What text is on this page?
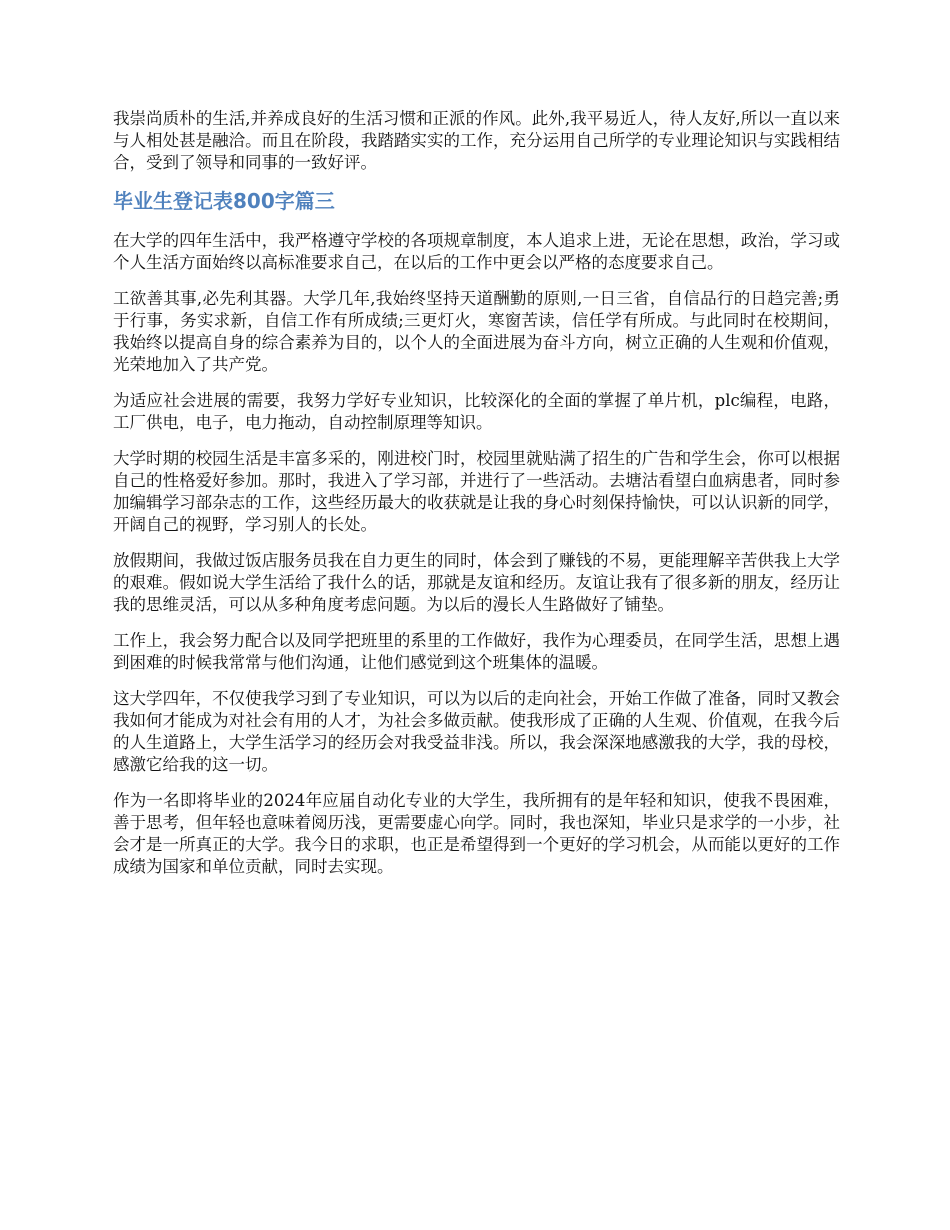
我崇尚质朴的生活,并养成良好的生活习惯和正派的作风。此外,我平易近人，待人友好,所以一直以来与人相处甚是融洽。而且在阶段，我踏踏实实的工作，充分运用自己所学的专业理论知识与实践相结合，受到了领导和同事的一致好评。

毕业生登记表800字篇三

在大学的四年生活中，我严格遵守学校的各项规章制度，本人追求上进，无论在思想，政治，学习或个人生活方面始终以高标准要求自己，在以后的工作中更会以严格的态度要求自己。

工欲善其事,必先利其器。大学几年,我始终坚持天道酬勤的原则,一日三省，自信品行的日趋完善;勇于行事，务实求新，自信工作有所成绩;三更灯火，寒窗苦读，信任学有所成。与此同时在校期间，我始终以提高自身的综合素养为目的，以个人的全面进展为奋斗方向，树立正确的人生观和价值观，光荣地加入了共产党。

为适应社会进展的需要，我努力学好专业知识，比较深化的全面的掌握了单片机，plc编程，电路，工厂供电，电子，电力拖动，自动控制原理等知识。

大学时期的校园生活是丰富多采的，刚进校门时，校园里就贴满了招生的广告和学生会，你可以根据自己的性格爱好参加。那时，我进入了学习部，并进行了一些活动。去塘沽看望白血病患者，同时参加编辑学习部杂志的工作，这些经历最大的收获就是让我的身心时刻保持愉快，可以认识新的同学，开阔自己的视野，学习别人的长处。

放假期间，我做过饭店服务员我在自力更生的同时，体会到了赚钱的不易，更能理解辛苦供我上大学的艰难。假如说大学生活给了我什么的话，那就是友谊和经历。友谊让我有了很多新的朋友，经历让我的思维灵活，可以从多种角度考虑问题。为以后的漫长人生路做好了铺垫。

工作上，我会努力配合以及同学把班里的系里的工作做好，我作为心理委员，在同学生活，思想上遇到困难的时候我常常与他们沟通，让他们感觉到这个班集体的温暖。

这大学四年，不仅使我学习到了专业知识，可以为以后的走向社会，开始工作做了准备，同时又教会我如何才能成为对社会有用的人才，为社会多做贡献。使我形成了正确的人生观、价值观，在我今后的人生道路上，大学生活学习的经历会对我受益非浅。所以，我会深深地感激我的大学，我的母校，感激它给我的这一切。

作为一名即将毕业的2024年应届自动化专业的大学生，我所拥有的是年轻和知识，使我不畏困难，善于思考，但年轻也意味着阅历浅，更需要虚心向学。同时，我也深知，毕业只是求学的一小步，社会才是一所真正的大学。我今日的求职，也正是希望得到一个更好的学习机会，从而能以更好的工作成绩为国家和单位贡献，同时去实现。
